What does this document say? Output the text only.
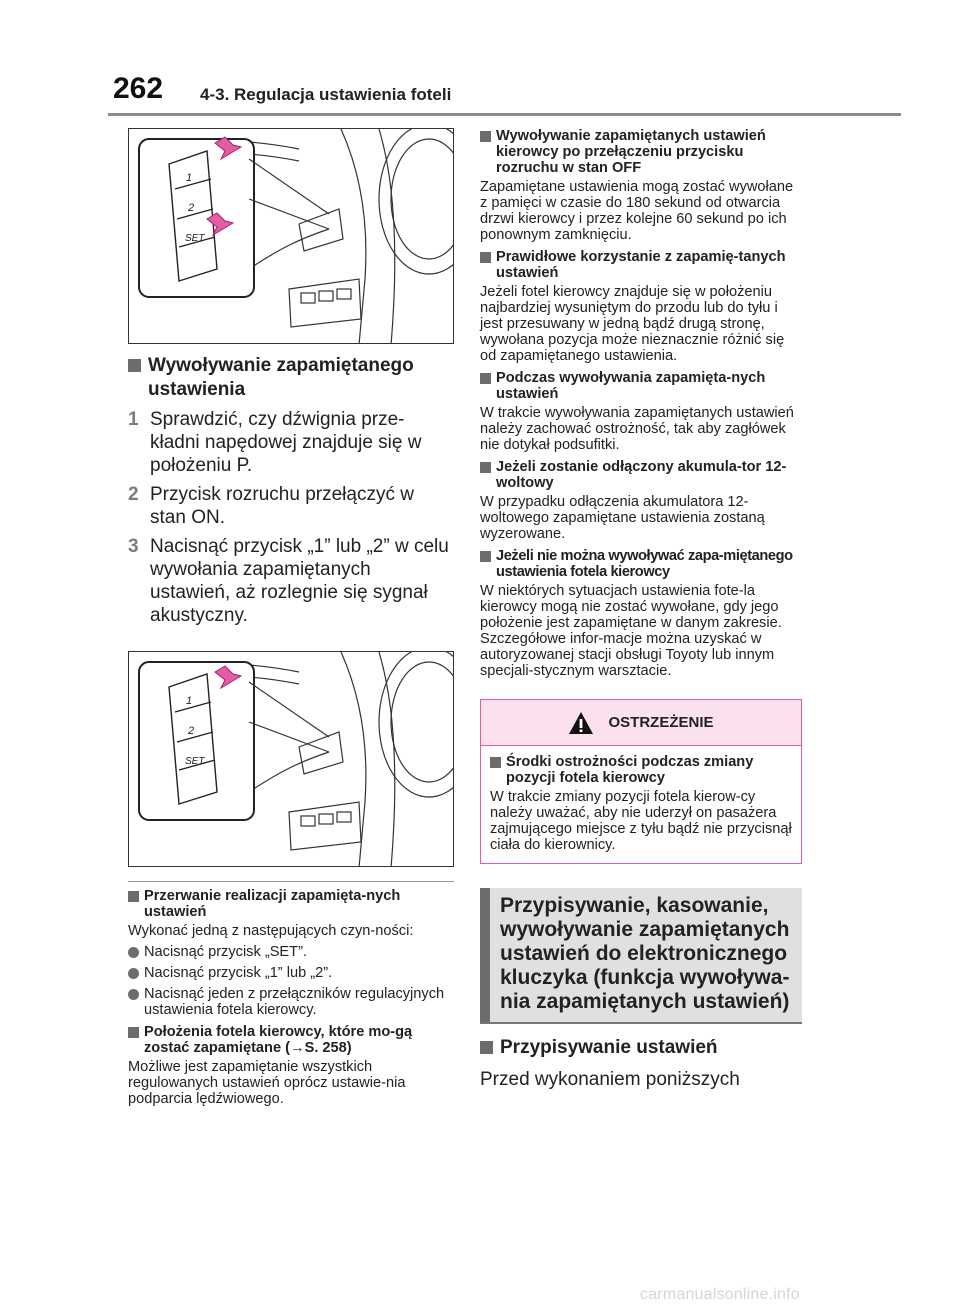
262 4-3. Regulacja ustawienia foteli
1
2
SET
Wywoływanie zapamiętanego ustawienia
1 Sprawdzić, czy dźwignia prze-kładni napędowej znajduje się w położeniu P.
2 Przycisk rozruchu przełączyć w stan ON.
3 Nacisnąć przycisk „1” lub „2” w celu wywołania zapamiętanych ustawień, aż rozlegnie się sygnał akustyczny.
1
2
SET
Przerwanie realizacji zapamięta-nych ustawień
Wykonać jedną z następujących czyn-ności:
Nacisnąć przycisk „SET”.
Nacisnąć przycisk „1” lub „2”.
Nacisnąć jeden z przełączników regulacyjnych ustawienia fotela kierowcy.
Położenia fotela kierowcy, które mo-gą zostać zapamiętane (→S. 258)
Możliwe jest zapamiętanie wszystkich regulowanych ustawień oprócz ustawie-nia podparcia lędźwiowego.
Wywoływanie zapamiętanych ustawień kierowcy po przełączeniu przycisku rozruchu w stan OFF
Zapamiętane ustawienia mogą zostać wywołane z pamięci w czasie do 180 sekund od otwarcia drzwi kierowcy i przez kolejne 60 sekund po ich ponownym zamknięciu.
Prawidłowe korzystanie z zapamię-tanych ustawień
Jeżeli fotel kierowcy znajduje się w położeniu najbardziej wysuniętym do przodu lub do tyłu i jest przesuwany w jedną bądź drugą stronę, wywołana pozycja może nieznacznie różnić się od zapamiętanego ustawienia.
Podczas wywoływania zapamięta-nych ustawień
W trakcie wywoływania zapamiętanych ustawień należy zachować ostrożność, tak aby zagłówek nie dotykał podsufitki.
Jeżeli zostanie odłączony akumula-tor 12-woltowy
W przypadku odłączenia akumulatora 12-woltowego zapamiętane ustawienia zostaną wyzerowane.
Jeżeli nie można wywoływać zapa-miętanego ustawienia fotela kierowcy
W niektórych sytuacjach ustawienia fote-la kierowcy mogą nie zostać wywołane, gdy jego położenie jest zapamiętane w danym zakresie. Szczegółowe infor-macje można uzyskać w autoryzowanej stacji obsługi Toyoty lub innym specjali-stycznym warsztacie.
OSTRZEŻENIE
Środki ostrożności podczas zmiany pozycji fotela kierowcy
W trakcie zmiany pozycji fotela kierow-cy należy uważać, aby nie uderzył on pasażera zajmującego miejsce z tyłu bądź nie przycisnął ciała do kierownicy.
Przypisywanie, kasowanie, wywoływanie zapamiętanych ustawień do elektronicznego kluczyka (funkcja wywoływa-nia zapamiętanych ustawień)
Przypisywanie ustawień
Przed wykonaniem poniższych
carmanualsonline.info
